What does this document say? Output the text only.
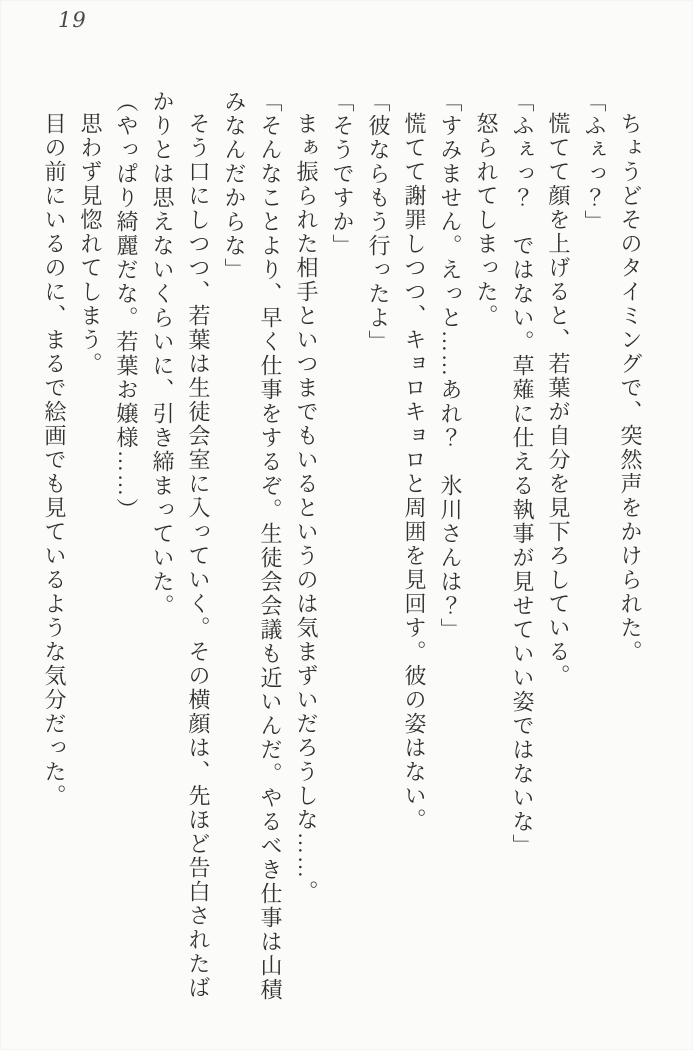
19

ちょうどそのタイミングで、突然声をかけられた。

「ふぇっ？」

慌てて顔を上げると、若葉が自分を見下ろしている。

「ふぇっ？　ではない。草薙に仕える執事が見せていい姿ではないな」

怒られてしまった。

「すみません。えっと……あれ？　氷川さんは？」

慌てて謝罪しつつ、キョロキョロと周囲を見回す。彼の姿はない。

「彼ならもう行ったよ」

「そうですか」

まぁ振られた相手といつまでもいるというのは気まずいだろうしな……。

「そんなことより、早く仕事をするぞ。生徒会会議も近いんだ。やるべき仕事は山積みなんだからな」

そう口にしつつ、若葉は生徒会室に入っていく。その横顔は、先ほど告白されたばかりとは思えないくらいに、引き締まっていた。

（やっぱり綺麗だな。若葉お嬢様……）

思わず見惚れてしまう。

目の前にいるのに、まるで絵画でも見ているような気分だった。
